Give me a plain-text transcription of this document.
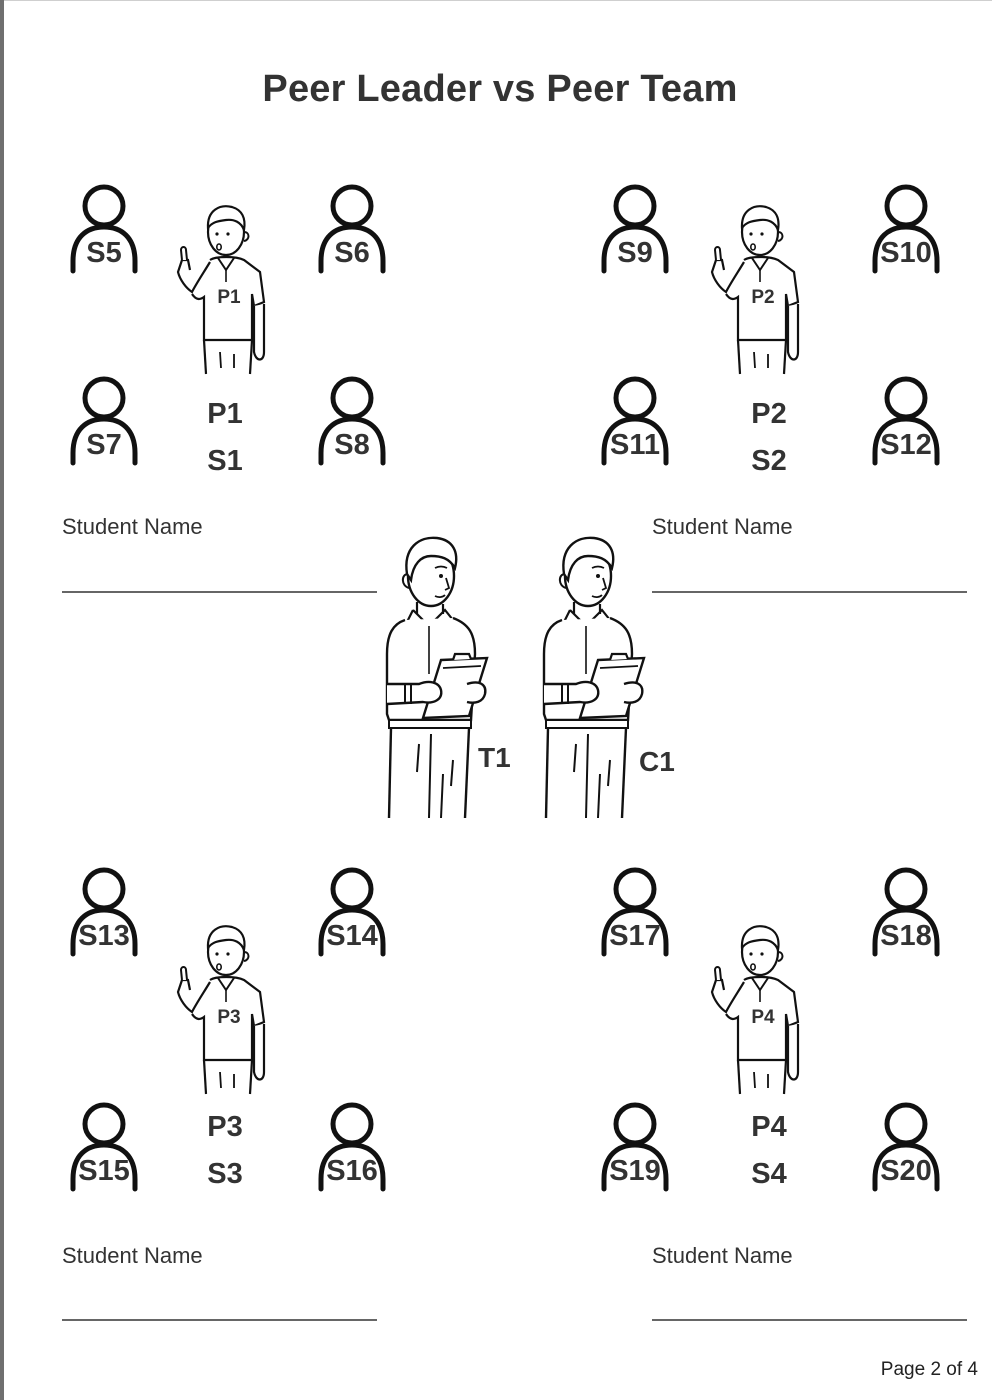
Peer Leader vs Peer Team
S5	S6
S7	S8
P1
P1
S1
Student Name
S9	S10
S11	S12
P2
P2
S2
Student Name
T1	C1
S13	S14
S15	S16
P3
P3
S3
Student Name
S17	S18
S19	S20
P4
P4
S4
Student Name
Page 2 of 4
